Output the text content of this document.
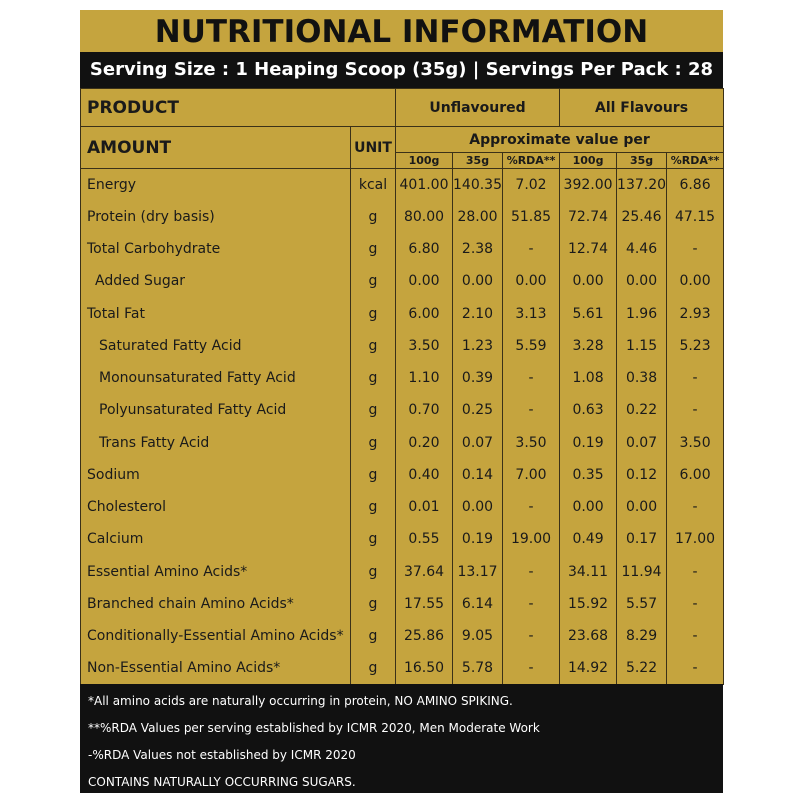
NUTRITIONAL INFORMATION
Serving Size : 1 Heaping Scoop (35g) | Servings Per Pack : 28
PRODUCT		Unflavoured			All Flavours		
AMOUNT	UNIT	Approximate value per					
		100g	35g	%RDA**	100g	35g	%RDA**
Energy	kcal	401.00	140.35	7.02	392.00	137.20	6.86
Protein (dry basis)	g	80.00	28.00	51.85	72.74	25.46	47.15
Total Carbohydrate	g	6.80	2.38	-	12.74	4.46	-
Added Sugar	g	0.00	0.00	0.00	0.00	0.00	0.00
Total Fat	g	6.00	2.10	3.13	5.61	1.96	2.93
Saturated Fatty Acid	g	3.50	1.23	5.59	3.28	1.15	5.23
Monounsaturated Fatty Acid	g	1.10	0.39	-	1.08	0.38	-
Polyunsaturated Fatty Acid	g	0.70	0.25	-	0.63	0.22	-
Trans Fatty Acid	g	0.20	0.07	3.50	0.19	0.07	3.50
Sodium	g	0.40	0.14	7.00	0.35	0.12	6.00
Cholesterol	g	0.01	0.00	-	0.00	0.00	-
Calcium	g	0.55	0.19	19.00	0.49	0.17	17.00
Essential Amino Acids*	g	37.64	13.17	-	34.11	11.94	-
Branched chain Amino Acids*	g	17.55	6.14	-	15.92	5.57	-
Conditionally-Essential Amino Acids*	g	25.86	9.05	-	23.68	8.29	-
Non-Essential Amino Acids*	g	16.50	5.78	-	14.92	5.22	-
*All amino acids are naturally occurring in protein, NO AMINO SPIKING.
**%RDA Values per serving established by ICMR 2020, Men Moderate Work
-%RDA Values not established by ICMR 2020
CONTAINS NATURALLY OCCURRING SUGARS.
